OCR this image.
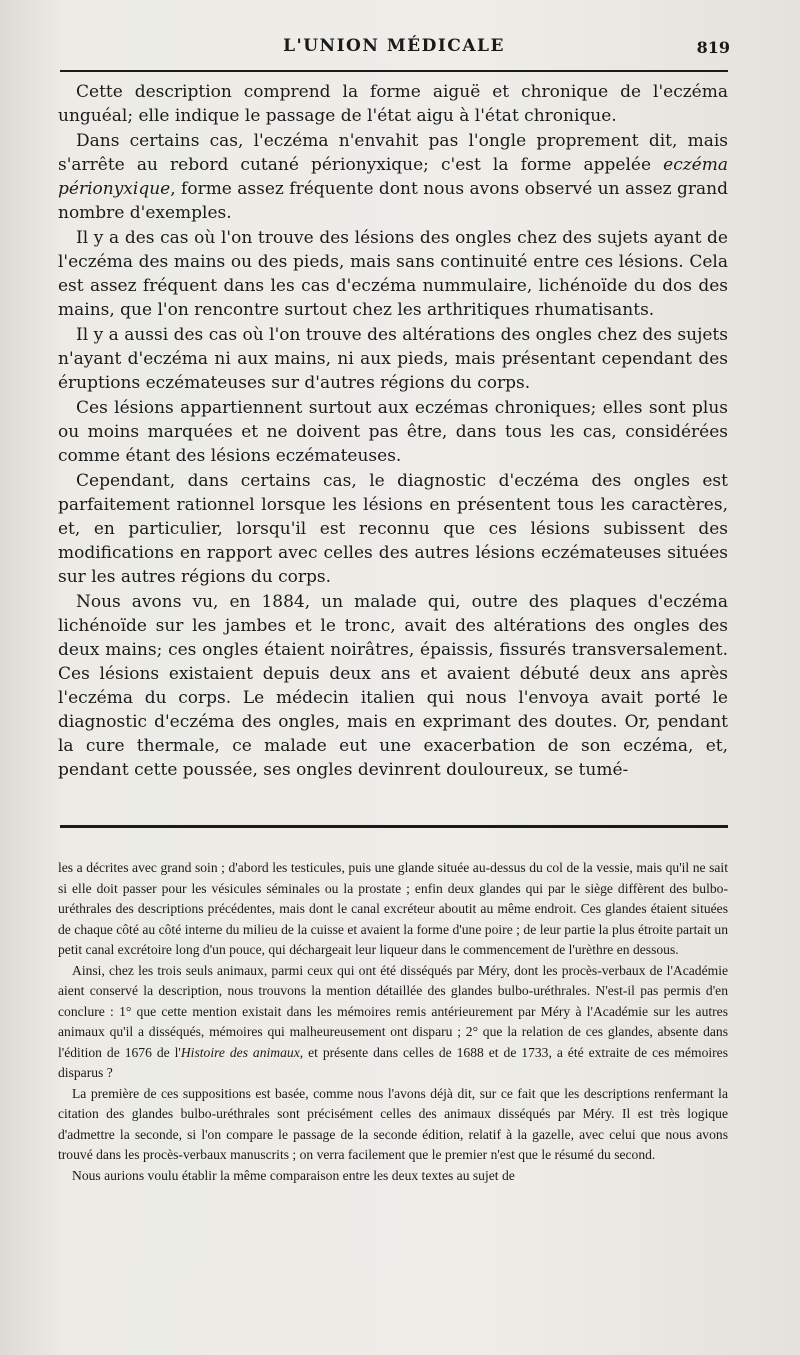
L'UNION MÉDICALE	819

Cette description comprend la forme aiguë et chronique de l'eczéma unguéal; elle indique le passage de l'état aigu à l'état chronique.

Dans certains cas, l'eczéma n'envahit pas l'ongle proprement dit, mais s'arrête au rebord cutané périonyxique; c'est la forme appelée eczéma périonyxique, forme assez fréquente dont nous avons observé un assez grand nombre d'exemples.

Il y a des cas où l'on trouve des lésions des ongles chez des sujets ayant de l'eczéma des mains ou des pieds, mais sans continuité entre ces lésions. Cela est assez fréquent dans les cas d'eczéma nummulaire, lichénoïde du dos des mains, que l'on rencontre surtout chez les arthritiques rhumatisants.

Il y a aussi des cas où l'on trouve des altérations des ongles chez des sujets n'ayant d'eczéma ni aux mains, ni aux pieds, mais présentant cependant des éruptions eczémateuses sur d'autres régions du corps.

Ces lésions appartiennent surtout aux eczémas chroniques; elles sont plus ou moins marquées et ne doivent pas être, dans tous les cas, considérées comme étant des lésions eczémateuses.

Cependant, dans certains cas, le diagnostic d'eczéma des ongles est parfaitement rationnel lorsque les lésions en présentent tous les caractères, et, en particulier, lorsqu'il est reconnu que ces lésions subissent des modifications en rapport avec celles des autres lésions eczémateuses situées sur les autres régions du corps.

Nous avons vu, en 1884, un malade qui, outre des plaques d'eczéma lichénoïde sur les jambes et le tronc, avait des altérations des ongles des deux mains; ces ongles étaient noirâtres, épaissis, fissurés transversalement. Ces lésions existaient depuis deux ans et avaient débuté deux ans après l'eczéma du corps. Le médecin italien qui nous l'envoya avait porté le diagnostic d'eczéma des ongles, mais en exprimant des doutes. Or, pendant la cure thermale, ce malade eut une exacerbation de son eczéma, et, pendant cette poussée, ses ongles devinrent douloureux, se tumé-

les a décrites avec grand soin ; d'abord les testicules, puis une glande située au-dessus du col de la vessie, mais qu'il ne sait si elle doit passer pour les vésicules séminales ou la prostate ; enfin deux glandes qui par le siège diffèrent des bulbo-uréthrales des descriptions précédentes, mais dont le canal excréteur aboutit au même endroit. Ces glandes étaient situées de chaque côté au côté interne du milieu de la cuisse et avaient la forme d'une poire ; de leur partie la plus étroite partait un petit canal excrétoire long d'un pouce, qui déchargeait leur liqueur dans le commencement de l'urèthre en dessous.

Ainsi, chez les trois seuls animaux, parmi ceux qui ont été disséqués par Méry, dont les procès-verbaux de l'Académie aient conservé la description, nous trouvons la mention détaillée des glandes bulbo-uréthrales. N'est-il pas permis d'en conclure : 1° que cette mention existait dans les mémoires remis antérieurement par Méry à l'Académie sur les autres animaux qu'il a disséqués, mémoires qui malheureusement ont disparu ; 2° que la relation de ces glandes, absente dans l'édition de 1676 de l'Histoire des animaux, et présente dans celles de 1688 et de 1733, a été extraite de ces mémoires disparus ?

La première de ces suppositions est basée, comme nous l'avons déjà dit, sur ce fait que les descriptions renfermant la citation des glandes bulbo-uréthrales sont précisément celles des animaux disséqués par Méry. Il est très logique d'admettre la seconde, si l'on compare le passage de la seconde édition, relatif à la gazelle, avec celui que nous avons trouvé dans les procès-verbaux manuscrits ; on verra facilement que le premier n'est que le résumé du second.

Nous aurions voulu établir la même comparaison entre les deux textes au sujet de
